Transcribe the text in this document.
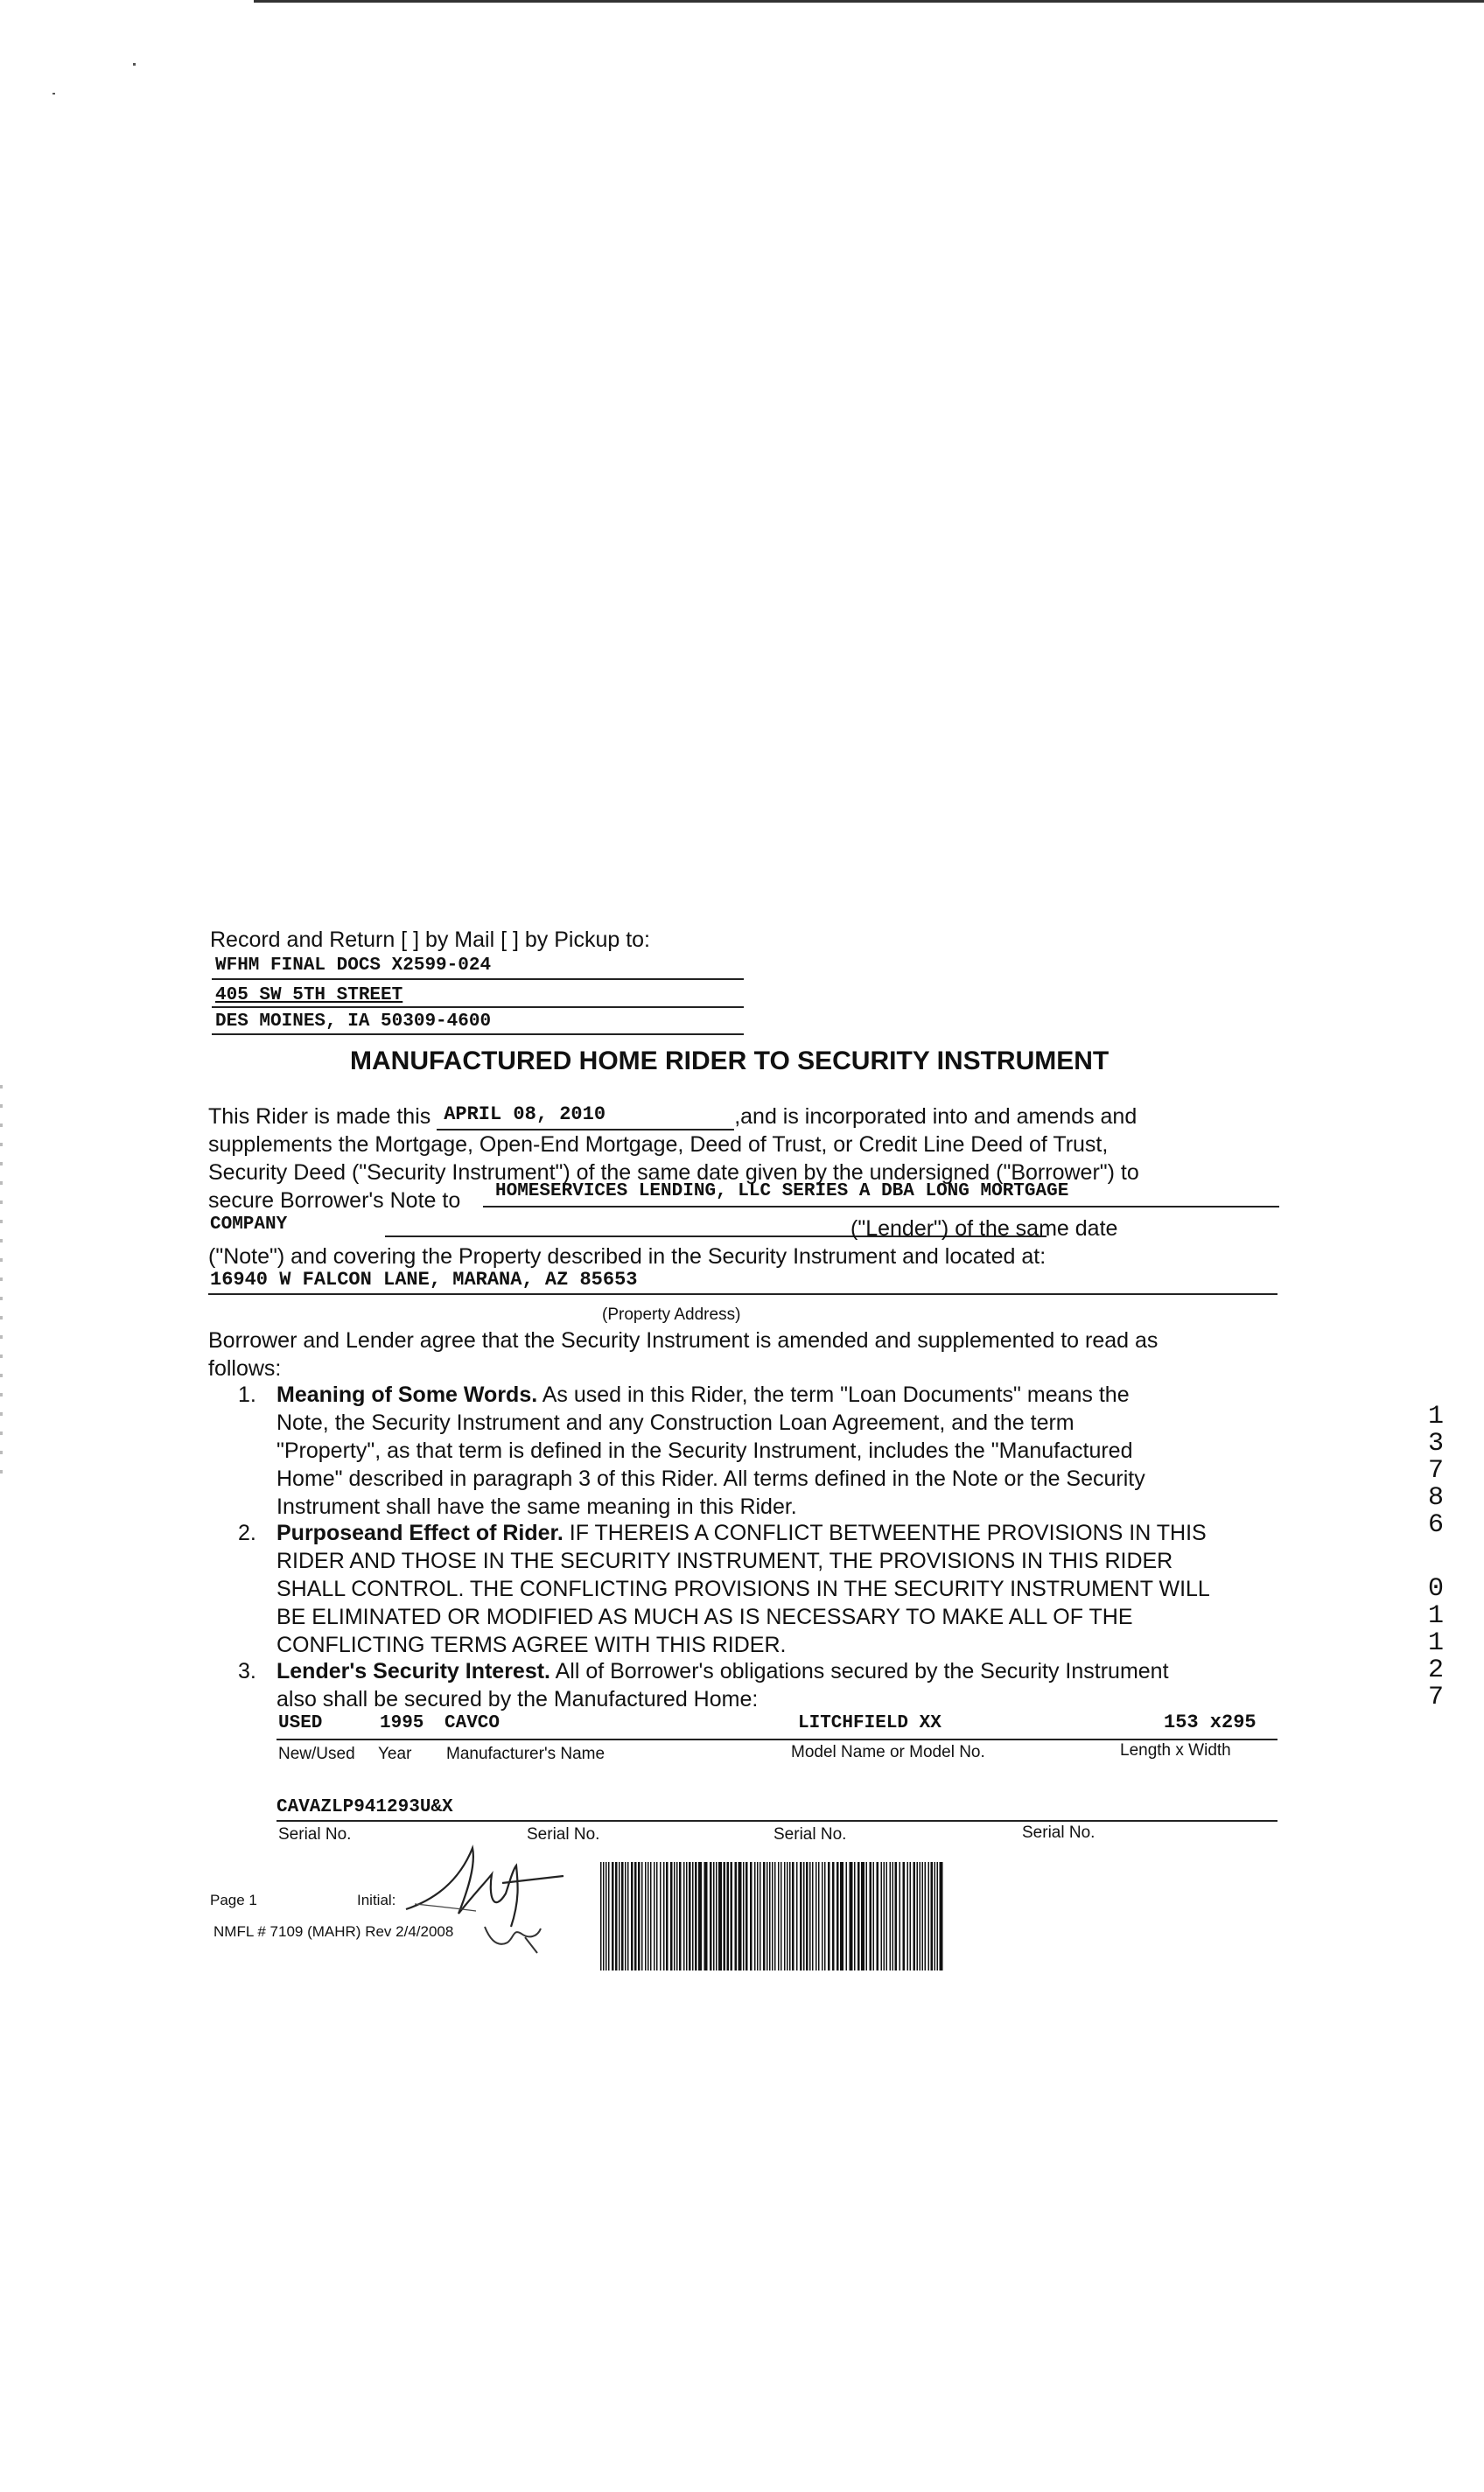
Record and Return [ ] by Mail [ ] by Pickup to:
WFHM FINAL DOCS X2599-024
405 SW 5TH STREET
DES MOINES, IA 50309-4600
MANUFACTURED HOME RIDER TO SECURITY INSTRUMENT
This Rider is made this APRIL 08, 2010	,and is incorporated into and amends and
supplements the Mortgage, Open-End Mortgage, Deed of Trust, or Credit Line Deed of Trust,
Security Deed ("Security Instrument") of the same date given by the undersigned ("Borrower") to
secure Borrower's Note to HOMESERVICES LENDING, LLC SERIES A DBA LONG MORTGAGE
COMPANY	("Lender") of the same date
("Note") and covering the Property described in the Security Instrument and located at:
16940 W FALCON LANE, MARANA, AZ 85653
(Property Address)
Borrower and Lender agree that the Security Instrument is amended and supplemented to read as
follows:
1. Meaning of Some Words. As used in this Rider, the term "Loan Documents" means the
Note, the Security Instrument and any Construction Loan Agreement, and the term
"Property", as that term is defined in the Security Instrument, includes the "Manufactured
Home" described in paragraph 3 of this Rider. All terms defined in the Note or the Security
Instrument shall have the same meaning in this Rider.
2. Purposeand Effect of Rider. IF THEREIS A CONFLICT BETWEENTHE PROVISIONS IN THIS
RIDER AND THOSE IN THE SECURITY INSTRUMENT, THE PROVISIONS IN THIS RIDER
SHALL CONTROL. THE CONFLICTING PROVISIONS IN THE SECURITY INSTRUMENT WILL
BE ELIMINATED OR MODIFIED AS MUCH AS IS NECESSARY TO MAKE ALL OF THE
CONFLICTING TERMS AGREE WITH THIS RIDER.
3. Lender's Security Interest. All of Borrower's obligations secured by the Security Instrument
also shall be secured by the Manufactured Home:
USED	1995 CAVCO	LITCHFIELD XX	153 x295
New/Used Year Manufacturer's Name	Model Name or Model No.	Length x Width
CAVAZLP941293U&X
Serial No.	Serial No.	Serial No.	Serial No.
Page 1	Initial:
NMFL # 7109 (MAHR) Rev 2/4/2008
1
3
7
8
6
0
1
1
2
7
